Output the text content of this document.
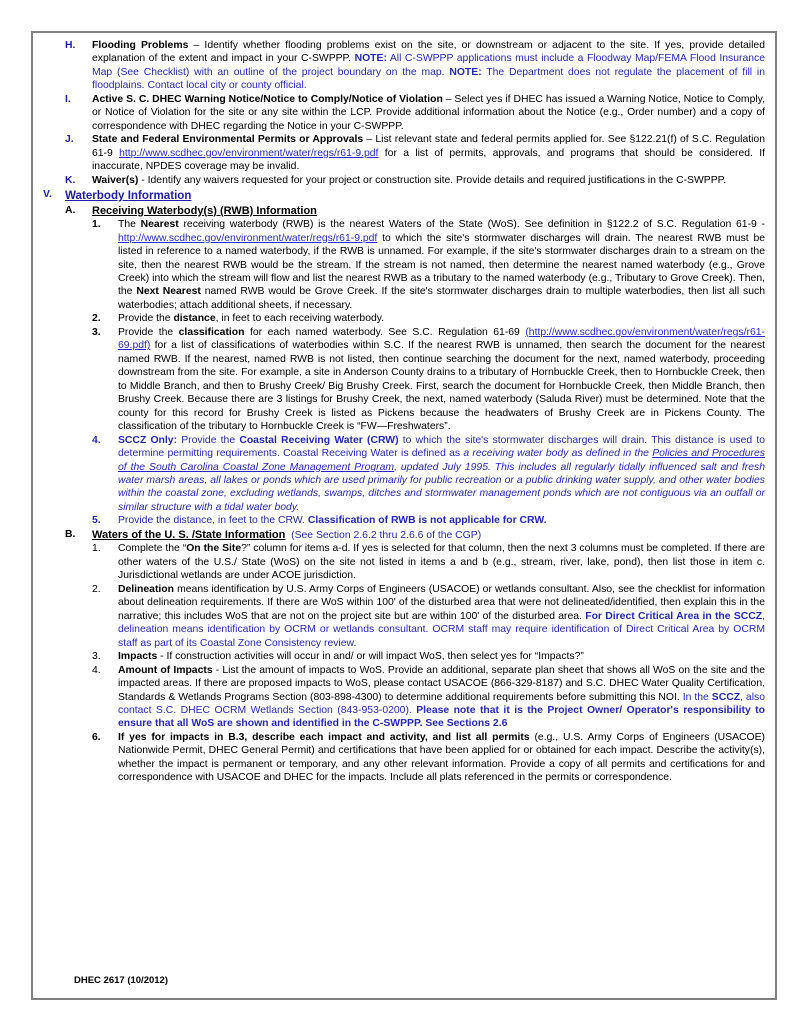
H.	Flooding Problems – Identify whether flooding problems exist on the site, or downstream or adjacent to the site. If yes, provide detailed explanation of the extent and impact in your C-SWPPP. NOTE: All C-SWPPP applications must include a Floodway Map/FEMA Flood Insurance Map (See Checklist) with an outline of the project boundary on the map. NOTE: The Department does not regulate the placement of fill in floodplains. Contact local city or county official.
I.	Active S. C. DHEC Warning Notice/Notice to Comply/Notice of Violation – Select yes if DHEC has issued a Warning Notice, Notice to Comply, or Notice of Violation for the site or any site within the LCP. Provide additional information about the Notice (e.g., Order number) and a copy of correspondence with DHEC regarding the Notice in your C-SWPPP.
J.	State and Federal Environmental Permits or Approvals – List relevant state and federal permits applied for. See §122.21(f) of S.C. Regulation 61-9 http://www.scdhec.gov/environment/water/regs/r61-9.pdf for a list of permits, approvals, and programs that should be considered. If inaccurate, NPDES coverage may be invalid.
K.	Waiver(s) - Identify any waivers requested for your project or construction site. Provide details and required justifications in the C-SWPPP.
V.	Waterbody Information
A.	Receiving Waterbody(s) (RWB) Information
1.	The Nearest receiving waterbody (RWB) is the nearest Waters of the State (WoS). See definition in §122.2 of S.C. Regulation 61-9 - http://www.scdhec.gov/environment/water/regs/r61-9.pdf to which the site's stormwater discharges will drain. The nearest RWB must be listed in reference to a named waterbody, if the RWB is unnamed. For example, if the site's stormwater discharges drain to a stream on the site, then the nearest RWB would be the stream. If the stream is not named, then determine the nearest named waterbody (e.g., Grove Creek) into which the stream will flow and list the nearest RWB as a tributary to the named waterbody (e.g., Tributary to Grove Creek). Then, the Next Nearest named RWB would be Grove Creek. If the site's stormwater discharges drain to multiple waterbodies, then list all such waterbodies; attach additional sheets, if necessary.
2.	Provide the distance, in feet to each receiving waterbody.
3.	Provide the classification for each named waterbody. See S.C. Regulation 61-69 (http://www.scdhec.gov/environment/water/regs/r61-69.pdf) for a list of classifications of waterbodies within S.C. If the nearest RWB is unnamed, then search the document for the nearest named RWB. If the nearest, named RWB is not listed, then continue searching the document for the next, named waterbody, proceeding downstream from the site. For example, a site in Anderson County drains to a tributary of Hornbuckle Creek, then to Hornbuckle Creek, then to Middle Branch, and then to Brushy Creek/ Big Brushy Creek. First, search the document for Hornbuckle Creek, then Middle Branch, then Brushy Creek. Because there are 3 listings for Brushy Creek, the next, named waterbody (Saluda River) must be determined. Note that the county for this record for Brushy Creek is listed as Pickens because the headwaters of Brushy Creek are in Pickens County. The classification of the tributary to Hornbuckle Creek is “FW—Freshwaters”.
4.	SCCZ Only: Provide the Coastal Receiving Water (CRW) to which the site's stormwater discharges will drain. This distance is used to determine permitting requirements. Coastal Receiving Water is defined as a receiving water body as defined in the Policies and Procedures of the South Carolina Coastal Zone Management Program, updated July 1995. This includes all regularly tidally influenced salt and fresh water marsh areas, all lakes or ponds which are used primarily for public recreation or a public drinking water supply, and other water bodies within the coastal zone, excluding wetlands, swamps, ditches and stormwater management ponds which are not contiguous via an outfall or similar structure with a tidal water body.
5.	Provide the distance, in feet to the CRW. Classification of RWB is not applicable for CRW.
B.	Waters of the U. S. /State Information (See Section 2.6.2 thru 2.6.6 of the CGP)
1.	Complete the “On the Site?” column for items a-d. If yes is selected for that column, then the next 3 columns must be completed. If there are other waters of the U.S./ State (WoS) on the site not listed in items a and b (e.g., stream, river, lake, pond), then list those in item c. Jurisdictional wetlands are under ACOE jurisdiction.
2.	Delineation means identification by U.S. Army Corps of Engineers (USACOE) or wetlands consultant. Also, see the checklist for information about delineation requirements. If there are WoS within 100' of the disturbed area that were not delineated/identified, then explain this in the narrative; this includes WoS that are not on the project site but are within 100' of the disturbed area. For Direct Critical Area in the SCCZ, delineation means identification by OCRM or wetlands consultant. OCRM staff may require identification of Direct Critical Area by OCRM staff as part of its Coastal Zone Consistency review.
3.	Impacts - If construction activities will occur in and/ or will impact WoS, then select yes for “Impacts?”
4.	Amount of Impacts - List the amount of impacts to WoS. Provide an additional, separate plan sheet that shows all WoS on the site and the impacted areas. If there are proposed impacts to WoS, please contact USACOE (866-329-8187) and S.C. DHEC Water Quality Certification, Standards & Wetlands Programs Section (803-898-4300) to determine additional requirements before submitting this NOI. In the SCCZ, also contact S.C. DHEC OCRM Wetlands Section (843-953-0200). Please note that it is the Project Owner/ Operator's responsibility to ensure that all WoS are shown and identified in the C-SWPPP. See Sections 2.6
6.	If yes for impacts in B.3, describe each impact and activity, and list all permits (e.g., U.S. Army Corps of Engineers (USACOE) Nationwide Permit, DHEC General Permit) and certifications that have been applied for or obtained for each impact. Describe the activity(s), whether the impact is permanent or temporary, and any other relevant information. Provide a copy of all permits and certifications for and correspondence with USACOE and DHEC for the impacts. Include all plats referenced in the permits or correspondence.
DHEC 2617 (10/2012)
